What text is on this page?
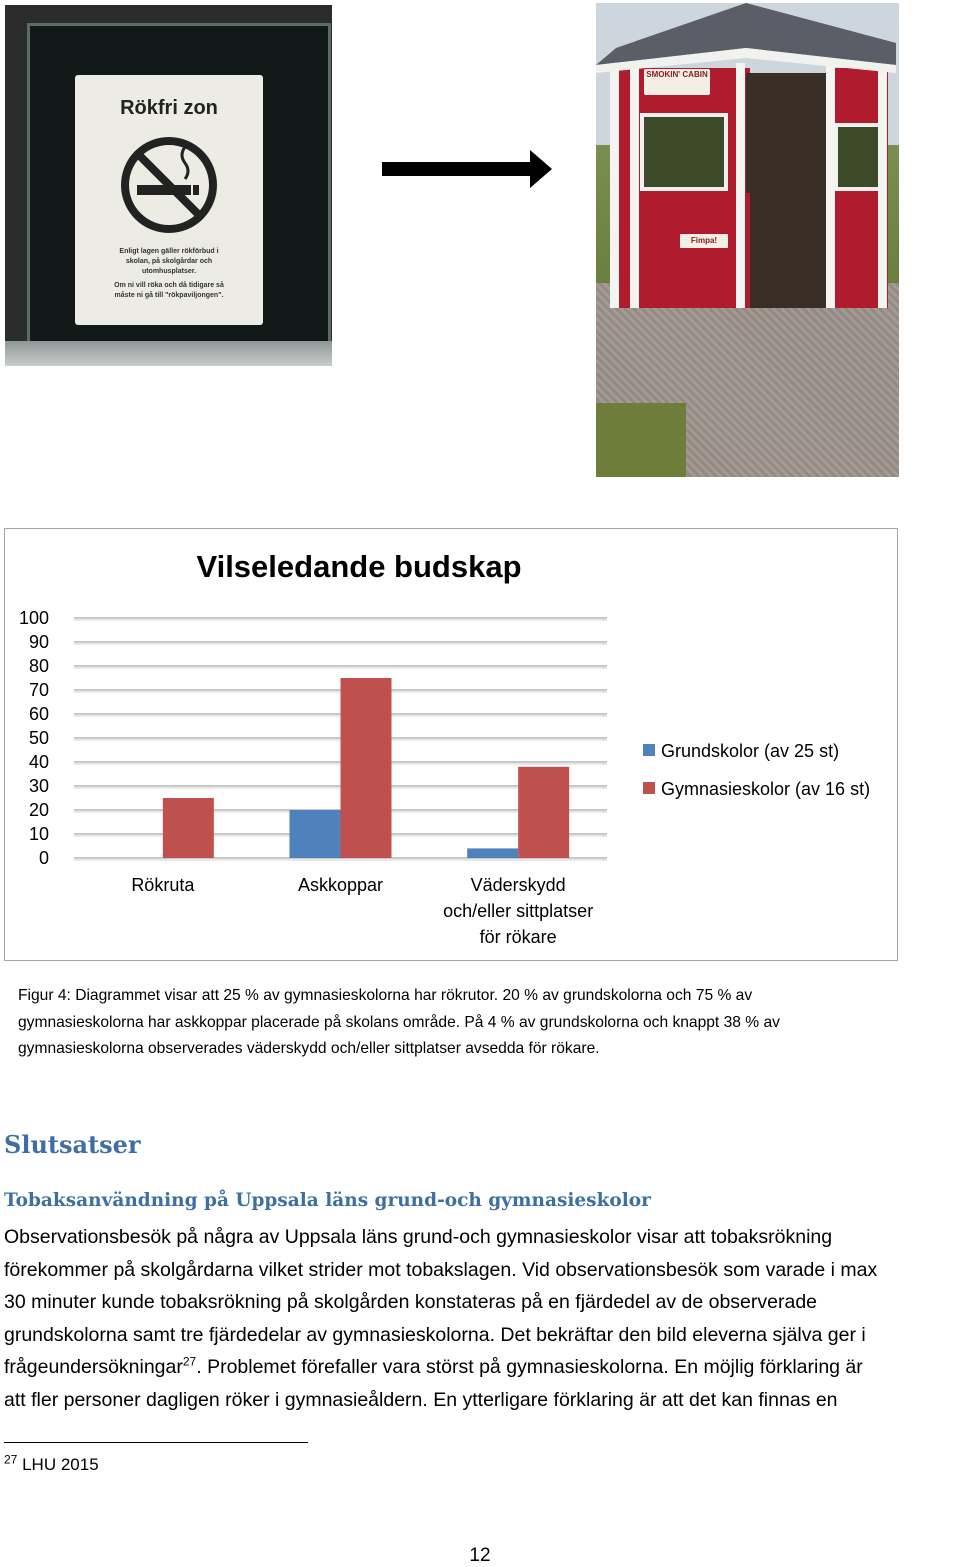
Rökfri zon
Enligt lagen gäller rökförbud i
skolan, på skolgårdar och
utomhusplatser.
Om ni vill röka och då tidigare så
måste ni gå till "rökpaviljongen".
SMOKIN' CABIN
Fimpa!
Vilseledande budskap
0
10
20
30
40
50
60
70
80
90
100
Rökruta	Askkoppar	Väderskydd
och/eller sittplatser
för rökare
Grundskolor (av 25 st)
Gymnasieskolor (av 16 st)
Figur 4: Diagrammet visar att 25 % av gymnasieskolorna har rökrutor. 20 % av grundskolorna och 75 % av
gymnasieskolorna har askkoppar placerade på skolans område. På 4 % av grundskolorna och knappt 38 % av
gymnasieskolorna observerades väderskydd och/eller sittplatser avsedda för rökare.
Slutsatser
Tobaksanvändning på Uppsala läns grund-och gymnasieskolor
Observationsbesök på några av Uppsala läns grund-och gymnasieskolor visar att tobaksrökning
förekommer på skolgårdarna vilket strider mot tobakslagen. Vid observationsbesök som varade i max
30 minuter kunde tobaksrökning på skolgården konstateras på en fjärdedel av de observerade
grundskolorna samt tre fjärdedelar av gymnasieskolorna. Det bekräftar den bild eleverna själva ger i
frågeundersökningar$^{27}$. Problemet förefaller vara störst på gymnasieskolorna. En möjlig förklaring är
att fler personer dagligen röker i gymnasieåldern. En ytterligare förklaring är att det kan finnas en
$^{27}$ LHU 2015
12
